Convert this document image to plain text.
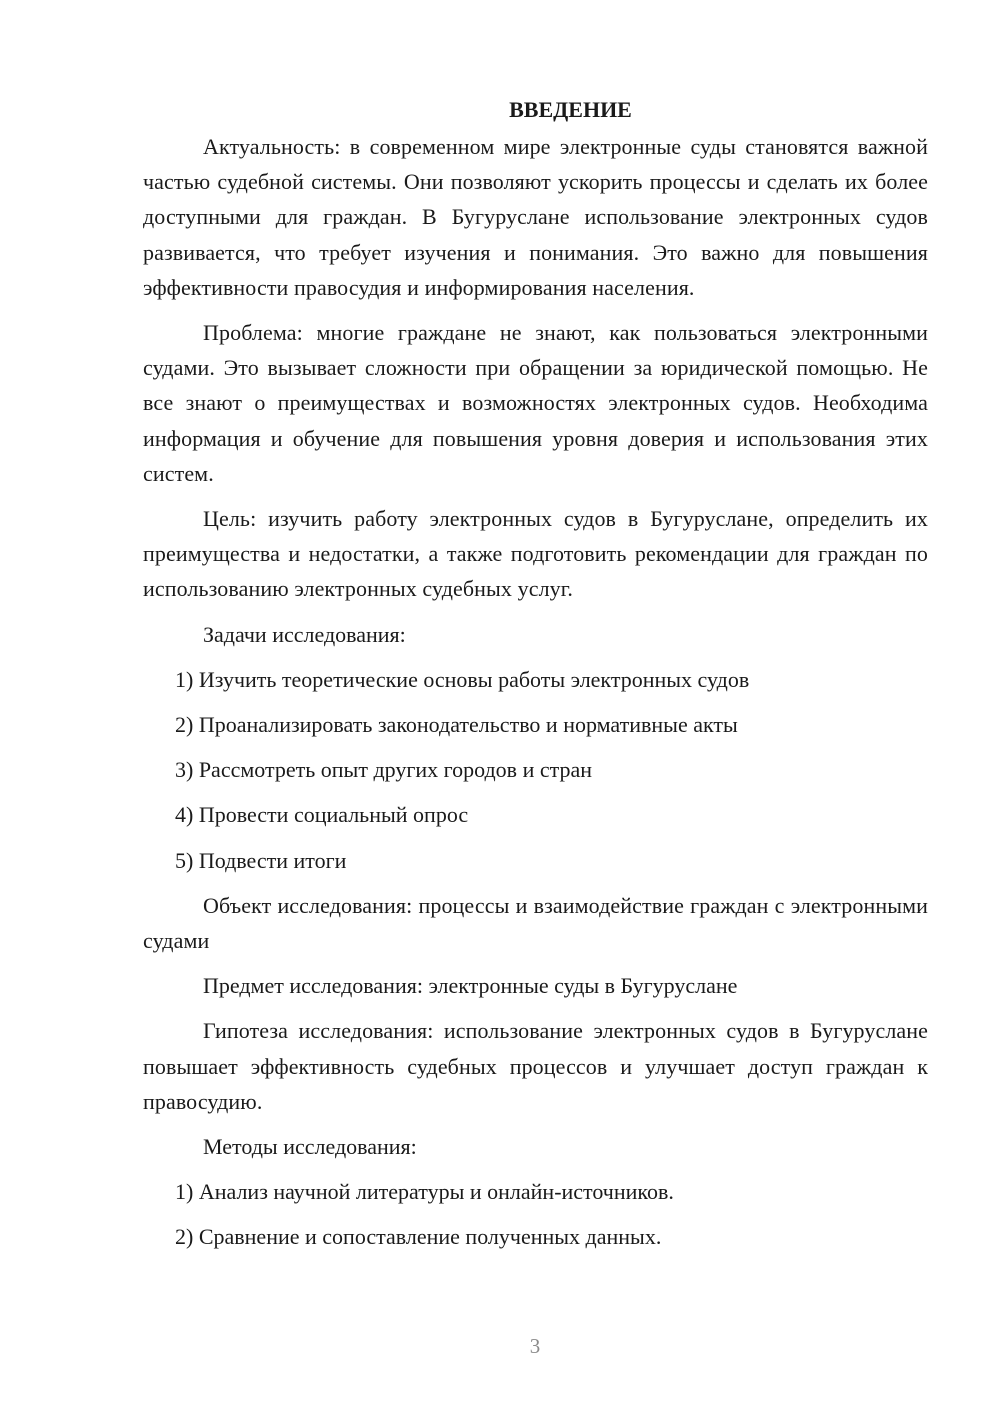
ВВЕДЕНИЕ

Актуальность: в современном мире электронные суды становятся важной частью судебной системы. Они позволяют ускорить процессы и сделать их более доступными для граждан. В Бугуруслане использование электронных судов развивается, что требует изучения и понимания. Это важно для повышения эффективности правосудия и информирования населения.

Проблема: многие граждане не знают, как пользоваться электронными судами. Это вызывает сложности при обращении за юридической помощью. Не все знают о преимуществах и возможностях электронных судов. Необходима информация и обучение для повышения уровня доверия и использования этих систем.

Цель: изучить работу электронных судов в Бугуруслане, определить их преимущества и недостатки, а также подготовить рекомендации для граждан по использованию электронных судебных услуг.

Задачи исследования:

1) Изучить теоретические основы работы электронных судов
2) Проанализировать законодательство и нормативные акты
3) Рассмотреть опыт других городов и стран
4) Провести социальный опрос
5) Подвести итоги

Объект исследования: процессы и взаимодействие граждан с электронными судами

Предмет исследования: электронные суды в Бугуруслане

Гипотеза исследования: использование электронных судов в Бугуруслане повышает эффективность судебных процессов и улучшает доступ граждан к правосудию.

Методы исследования:

1) Анализ научной литературы и онлайн-источников.
2) Сравнение и сопоставление полученных данных.
3
